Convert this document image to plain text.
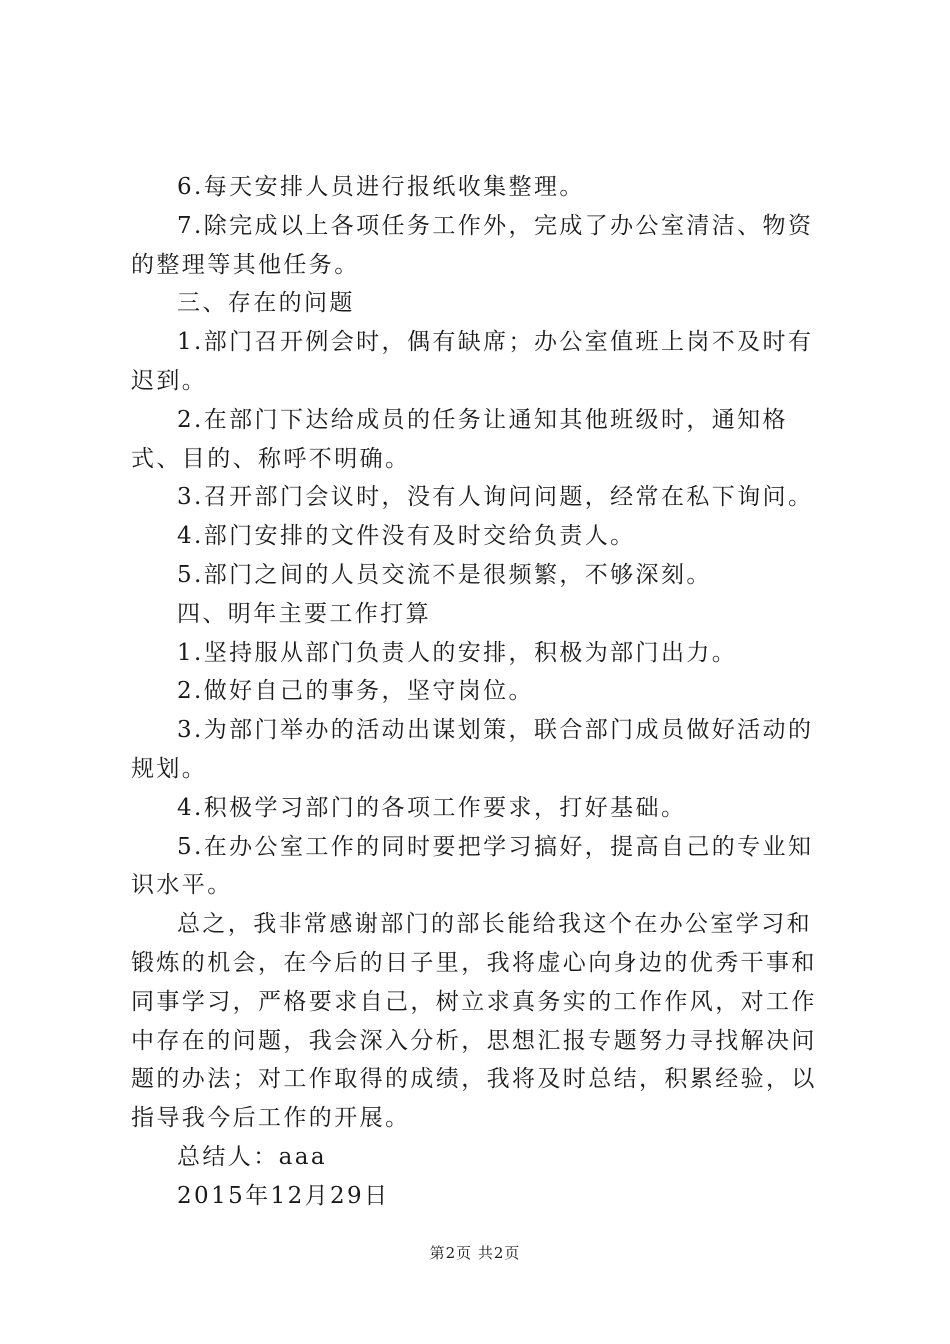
6.每天安排人员进行报纸收集整理。

7.除完成以上各项任务工作外，完成了办公室清洁、物资的整理等其他任务。

三、存在的问题

1.部门召开例会时，偶有缺席；办公室值班上岗不及时有迟到。

2.在部门下达给成员的任务让通知其他班级时，通知格式、目的、称呼不明确。

3.召开部门会议时，没有人询问问题，经常在私下询问。

4.部门安排的文件没有及时交给负责人。

5.部门之间的人员交流不是很频繁，不够深刻。

四、明年主要工作打算

1.坚持服从部门负责人的安排，积极为部门出力。

2.做好自己的事务，坚守岗位。

3.为部门举办的活动出谋划策，联合部门成员做好活动的规划。

4.积极学习部门的各项工作要求，打好基础。

5.在办公室工作的同时要把学习搞好，提高自己的专业知识水平。

总之，我非常感谢部门的部长能给我这个在办公室学习和锻炼的机会，在今后的日子里，我将虚心向身边的优秀干事和同事学习，严格要求自己，树立求真务实的工作作风，对工作中存在的问题，我会深入分析，思想汇报专题努力寻找解决问题的办法；对工作取得的成绩，我将及时总结，积累经验，以指导我今后工作的开展。

总结人：aaa

2015年12月29日

第2页 共2页
